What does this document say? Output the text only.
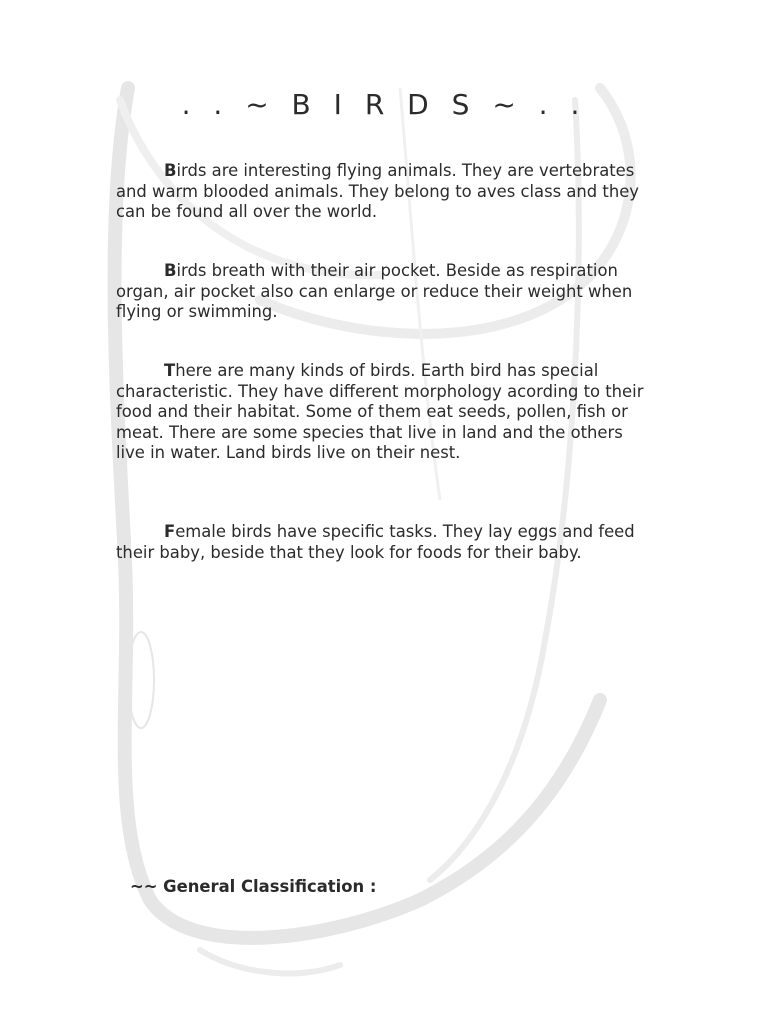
. . ~ B I R D S ~ . .

Birds are interesting flying animals. They are vertebrates and warm blooded animals. They belong to aves class and they can be found all over the world.

Birds breath with their air pocket. Beside as respiration organ, air pocket also can enlarge or reduce their weight when flying or swimming.

There are many kinds of birds. Earth bird has special characteristic. They have different morphology acording to their food and their habitat. Some of them eat seeds, pollen, fish or meat. There are some species that live in land and the others live in water. Land birds live on their nest.

Female birds have specific tasks. They lay eggs and feed their baby, beside that they look for foods for their baby.

~~ General Classification :
